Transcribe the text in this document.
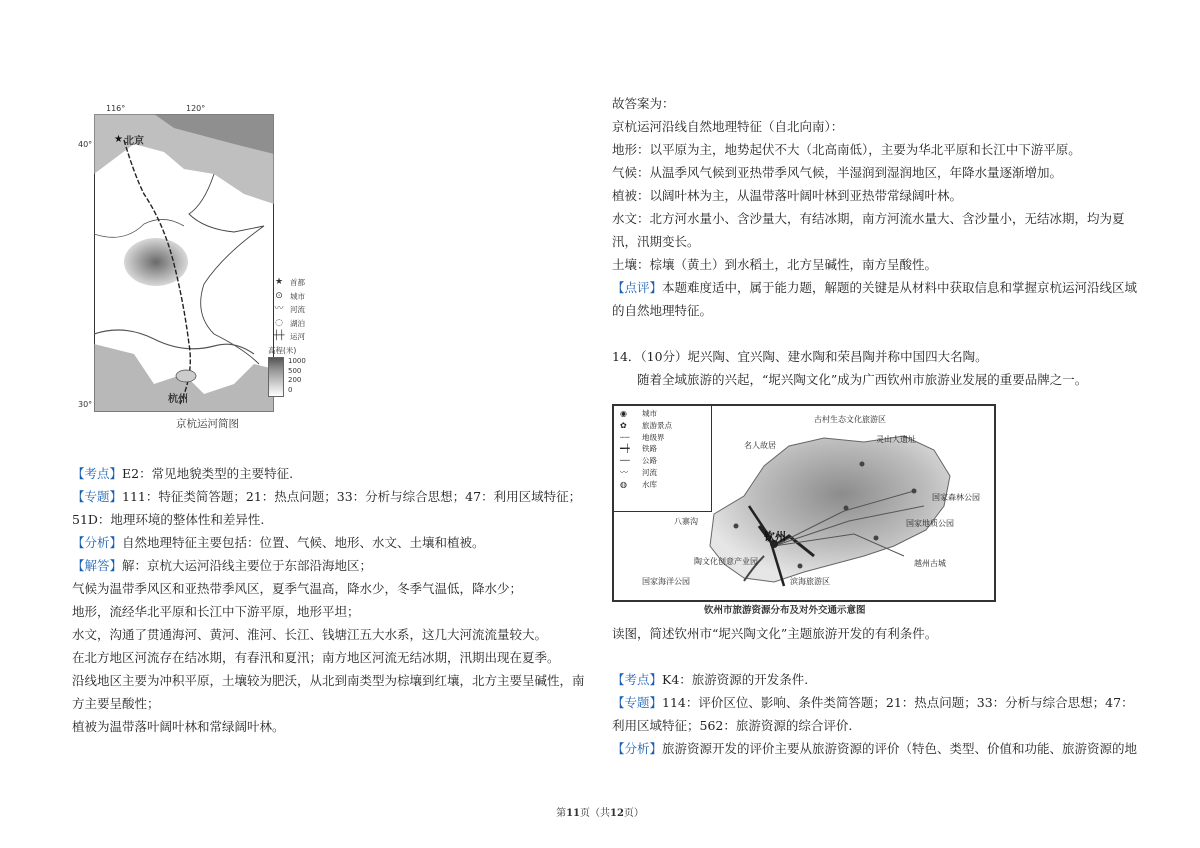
116°	120°
40°
30°
★ 北京
杭州
★ 首都
⊙ 城市
〰 河流
◌ 湖泊
┼┼ 运河
高程(米)
1000
500
200
0
京杭运河简图

【考点】E2：常见地貌类型的主要特征.

【专题】111：特征类简答题；21：热点问题；33：分析与综合思想；47：利用区域特征；51D：地理环境的整体性和差异性.

【分析】自然地理特征主要包括：位置、气候、地形、水文、土壤和植被。

【解答】解：京杭大运河沿线主要位于东部沿海地区；

气候为温带季风区和亚热带季风区，夏季气温高，降水少，冬季气温低，降水少；

地形，流经华北平原和长江中下游平原，地形平坦；

水文，沟通了贯通海河、黄河、淮河、长江、钱塘江五大水系，这几大河流流量较大。

在北方地区河流存在结冰期，有春汛和夏汛；南方地区河流无结冰期，汛期出现在夏季。

沿线地区主要为冲积平原，土壤较为肥沃，从北到南类型为棕壤到红壤，北方主要呈碱性，南方主要呈酸性；

植被为温带落叶阔叶林和常绿阔叶林。

故答案为：

京杭运河沿线自然地理特征（自北向南）：

地形：以平原为主，地势起伏不大（北高南低），主要为华北平原和长江中下游平原。

气候：从温季风气候到亚热带季风气候，半湿润到湿润地区，年降水量逐渐增加。

植被：以阔叶林为主，从温带落叶阔叶林到亚热带常绿阔叶林。

水文：北方河水量小、含沙量大，有结冰期，南方河流水量大、含沙量小，无结冰期，均为夏汛，汛期变长。

土壤：棕壤（黄土）到水稻土，北方呈碱性，南方呈酸性。

【点评】本题难度适中，属于能力题，解题的关键是从材料中获取信息和掌握京杭运河沿线区域的自然地理特征。

14．（10分）坭兴陶、宜兴陶、建水陶和荣昌陶并称中国四大名陶。

随着全域旅游的兴起，“坭兴陶文化”成为广西钦州市旅游业发展的重要品牌之一。

◉	城市
✿	旅游景点
┄┄	地级界
━┿	铁路
──	公路
〰	河流
◍	水库
古村生态文化旅游区
名人故居
灵山人遗址
国家森林公园
国家地质公园
八寨沟
钦州
越州古城
陶文化创意产业园
国家海洋公园	滨海旅游区
钦州市旅游资源分布及对外交通示意图

读图，简述钦州市“坭兴陶文化”主题旅游开发的有利条件。

【考点】K4：旅游资源的开发条件.

【专题】114：评价区位、影响、条件类简答题；21：热点问题；33：分析与综合思想；47：利用区域特征；562：旅游资源的综合评价.

【分析】旅游资源开发的评价主要从旅游资源的评价（特色、类型、价值和功能、旅游资源的地

第11页（共12页）
